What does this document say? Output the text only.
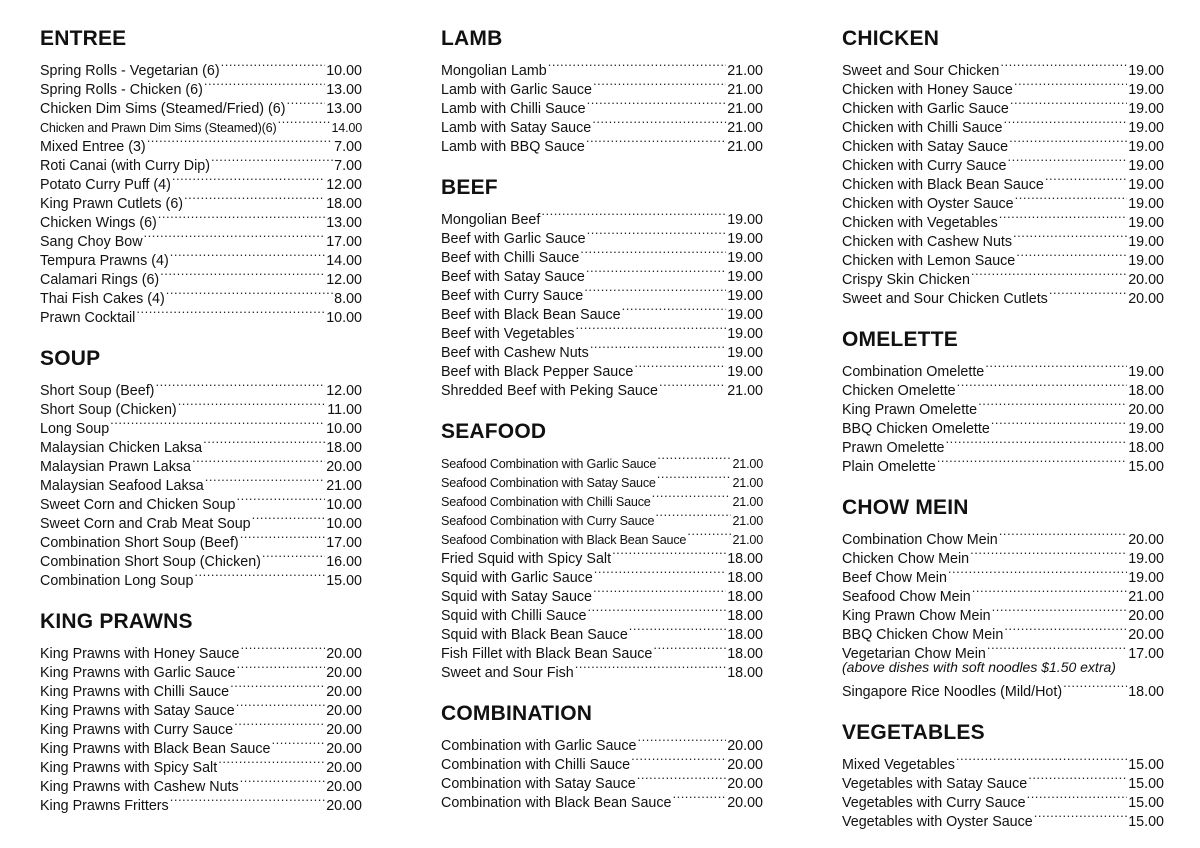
ENTREE
Spring Rolls - Vegetarian (6) .....	10.00
Spring Rolls - Chicken (6) .....	13.00
Chicken Dim Sims (Steamed/Fried) (6) .....	13.00
Chicken and Prawn Dim Sims (Steamed)(6) .....	14.00
Mixed Entree (3) .....	7.00
Roti Canai (with Curry Dip) .....	7.00
Potato Curry Puff (4) .....	12.00
King Prawn Cutlets (6) .....	18.00
Chicken Wings (6) .....	13.00
Sang Choy Bow .....	17.00
Tempura Prawns (4) .....	14.00
Calamari Rings (6) .....	12.00
Thai Fish Cakes (4) .....	8.00
Prawn Cocktail .....	10.00
SOUP
Short Soup (Beef) .....	12.00
Short Soup (Chicken) .....	11.00
Long Soup .....	10.00
Malaysian Chicken Laksa .....	18.00
Malaysian Prawn Laksa .....	20.00
Malaysian Seafood Laksa .....	21.00
Sweet Corn and Chicken Soup .....	10.00
Sweet Corn and Crab Meat Soup .....	10.00
Combination Short Soup (Beef) .....	17.00
Combination Short Soup (Chicken) .....	16.00
Combination Long Soup .....	15.00
KING PRAWNS
King Prawns with Honey Sauce .....	20.00
King Prawns with Garlic Sauce .....	20.00
King Prawns with Chilli Sauce .....	20.00
King Prawns with Satay Sauce .....	20.00
King Prawns with Curry Sauce .....	20.00
King Prawns with Black Bean Sauce .....	20.00
King Prawns with Spicy Salt .....	20.00
King Prawns with Cashew Nuts .....	20.00
King Prawns Fritters .....	20.00
LAMB
Mongolian Lamb .....	21.00
Lamb with Garlic Sauce .....	21.00
Lamb with Chilli Sauce .....	21.00
Lamb with Satay Sauce .....	21.00
Lamb with BBQ Sauce .....	21.00
BEEF
Mongolian Beef .....	19.00
Beef with Garlic Sauce .....	19.00
Beef with Chilli Sauce .....	19.00
Beef with Satay Sauce .....	19.00
Beef with Curry Sauce .....	19.00
Beef with Black Bean Sauce .....	19.00
Beef with Vegetables .....	19.00
Beef with Cashew Nuts .....	19.00
Beef with Black Pepper Sauce .....	19.00
Shredded Beef with Peking Sauce .....	21.00
SEAFOOD
Seafood Combination with Garlic Sauce .....	21.00
Seafood Combination with Satay Sauce .....	21.00
Seafood Combination with Chilli Sauce .....	21.00
Seafood Combination with Curry Sauce .....	21.00
Seafood Combination with Black Bean Sauce .....	21.00
Fried Squid with Spicy Salt .....	18.00
Squid with Garlic Sauce .....	18.00
Squid with Satay Sauce .....	18.00
Squid with Chilli Sauce .....	18.00
Squid with Black Bean Sauce .....	18.00
Fish Fillet with Black Bean Sauce .....	18.00
Sweet and Sour Fish .....	18.00
COMBINATION
Combination with Garlic Sauce .....	20.00
Combination with Chilli Sauce .....	20.00
Combination with Satay Sauce .....	20.00
Combination with Black Bean Sauce .....	20.00
CHICKEN
Sweet and Sour Chicken .....	19.00
Chicken with Honey Sauce .....	19.00
Chicken with Garlic Sauce .....	19.00
Chicken with Chilli Sauce .....	19.00
Chicken with Satay Sauce .....	19.00
Chicken with Curry Sauce .....	19.00
Chicken with Black Bean Sauce .....	19.00
Chicken with Oyster Sauce .....	19.00
Chicken with Vegetables .....	19.00
Chicken with Cashew Nuts .....	19.00
Chicken with Lemon Sauce .....	19.00
Crispy Skin Chicken .....	20.00
Sweet and Sour Chicken Cutlets .....	20.00
OMELETTE
Combination Omelette .....	19.00
Chicken Omelette .....	18.00
King Prawn Omelette .....	20.00
BBQ Chicken Omelette .....	19.00
Prawn Omelette .....	18.00
Plain Omelette .....	15.00
CHOW MEIN
Combination Chow Mein .....	20.00
Chicken Chow Mein .....	19.00
Beef Chow Mein .....	19.00
Seafood Chow Mein .....	21.00
King Prawn Chow Mein .....	20.00
BBQ Chicken Chow Mein .....	20.00
Vegetarian Chow Mein .....	17.00
(above dishes with soft noodles $1.50 extra)
Singapore Rice Noodles (Mild/Hot) .....	18.00
VEGETABLES
Mixed Vegetables .....	15.00
Vegetables with Satay Sauce .....	15.00
Vegetables with Curry Sauce .....	15.00
Vegetables with Oyster Sauce .....	15.00
